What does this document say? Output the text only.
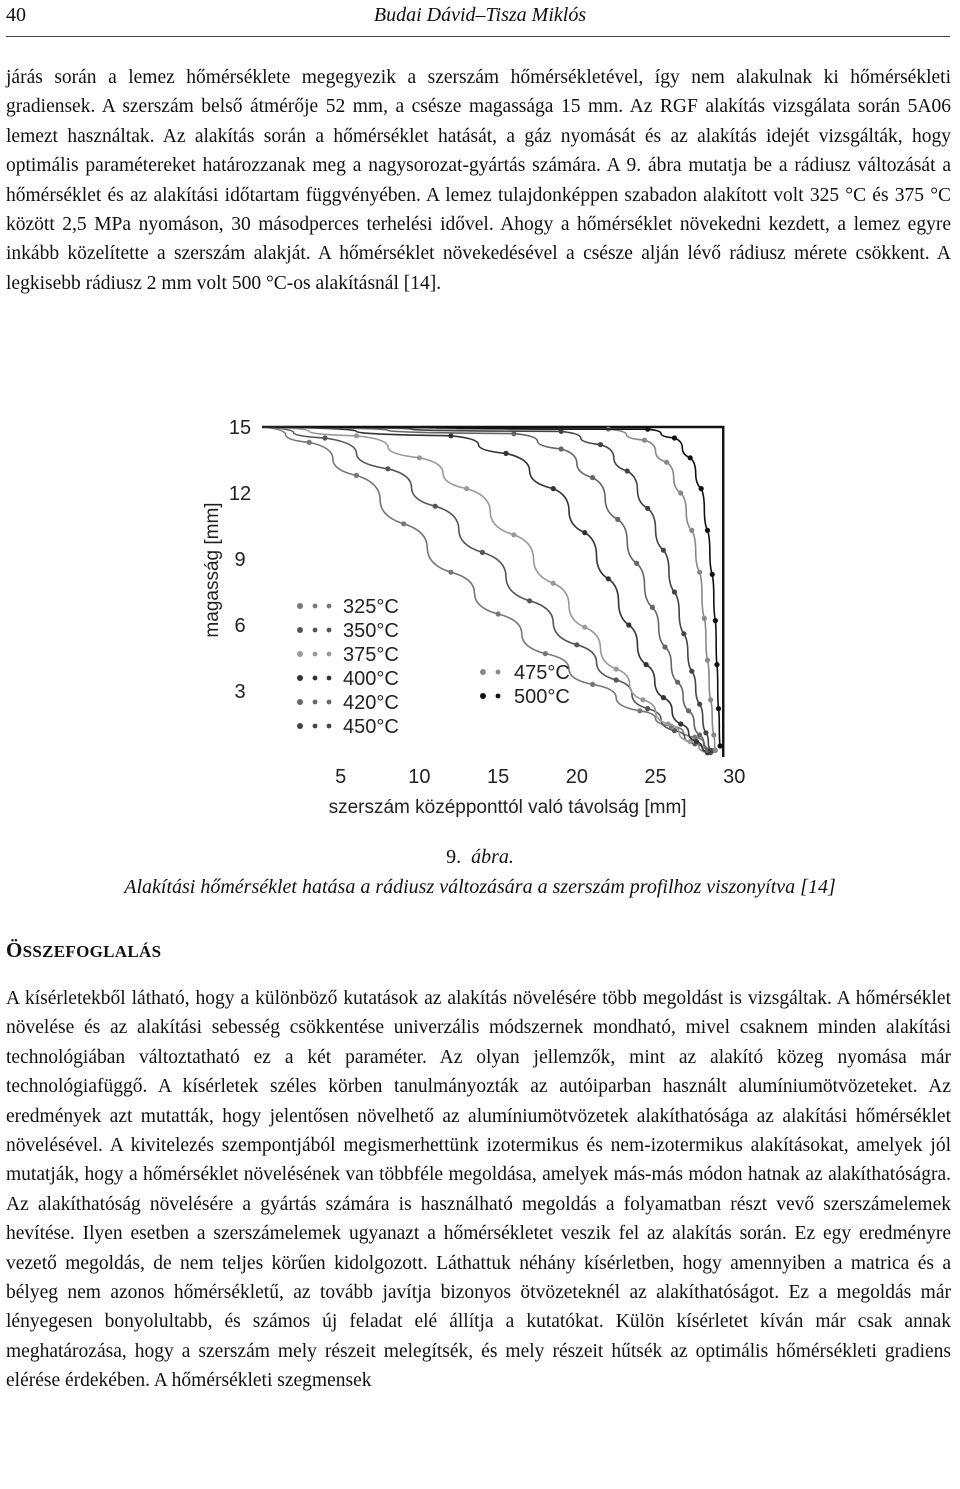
40	Budai Dávid–Tisza Miklós

járás során a lemez hőmérséklete megegyezik a szerszám hőmérsékletével, így nem alakulnak ki hőmérsékleti gradiensek. A szerszám belső átmérője 52 mm, a csésze magassága 15 mm. Az RGF alakítás vizsgálata során 5A06 lemezt használtak. Az alakítás során a hőmérséklet hatását, a gáz nyomását és az alakítás idejét vizsgálták, hogy optimális paramétereket határozzanak meg a nagysorozat-gyártás számára. A 9. ábra mutatja be a rádiusz változását a hőmérséklet és az alakítási időtartam függvényében. A lemez tulajdonképpen szabadon alakított volt 325 °C és 375 °C között 2,5 MPa nyomáson, 30 másodperces terhelési idővel. Ahogy a hőmérséklet növekedni kezdett, a lemez egyre inkább közelítette a szerszám alakját. A hőmérséklet növekedésével a csésze alján lévő rádiusz mérete csökkent. A legkisebb rádiusz 2 mm volt 500 °C-os alakításnál [14].

3
6
9
12
15
5	10	15	20	25	30
szerszám középponttól való távolság [mm]
magasság [mm]	325°C
350°C
375°C
400°C
420°C
450°C
475°C
500°C
9. ábra.
Alakítási hőmérséklet hatása a rádiusz változására a szerszám profilhoz viszonyítva [14]
ÖSSZEFOGLALÁS

A kísérletekből látható, hogy a különböző kutatások az alakítás növelésére több megoldást is vizsgáltak. A hőmérséklet növelése és az alakítási sebesség csökkentése univerzális módszernek mondható, mivel csaknem minden alakítási technológiában változtatható ez a két paraméter. Az olyan jellemzők, mint az alakító közeg nyomása már technológiafüggő. A kísérletek széles körben tanulmányozták az autóiparban használt alumíniumötvözeteket. Az eredmények azt mutatták, hogy jelentősen növelhető az alumíniumötvözetek alakíthatósága az alakítási hőmérséklet növelésével. A kivitelezés szempontjából megismerhettünk izotermikus és nem-izotermikus alakításokat, amelyek jól mutatják, hogy a hőmérséklet növelésének van többféle megoldása, amelyek más-más módon hatnak az alakíthatóságra. Az alakíthatóság növelésére a gyártás számára is használható megoldás a folyamatban részt vevő szerszámelemek hevítése. Ilyen esetben a szerszámelemek ugyanazt a hőmérsékletet veszik fel az alakítás során. Ez egy eredményre vezető megoldás, de nem teljes körűen kidolgozott. Láthattuk néhány kísérletben, hogy amennyiben a matrica és a bélyeg nem azonos hőmérsékletű, az tovább javítja bizonyos ötvözeteknél az alakíthatóságot. Ez a megoldás már lényegesen bonyolultabb, és számos új feladat elé állítja a kutatókat. Külön kísérletet kíván már csak annak meghatározása, hogy a szerszám mely részeit melegítsék, és mely részeit hűtsék az optimális hőmérsékleti gradiens elérése érdekében. A hőmérsékleti szegmensek
